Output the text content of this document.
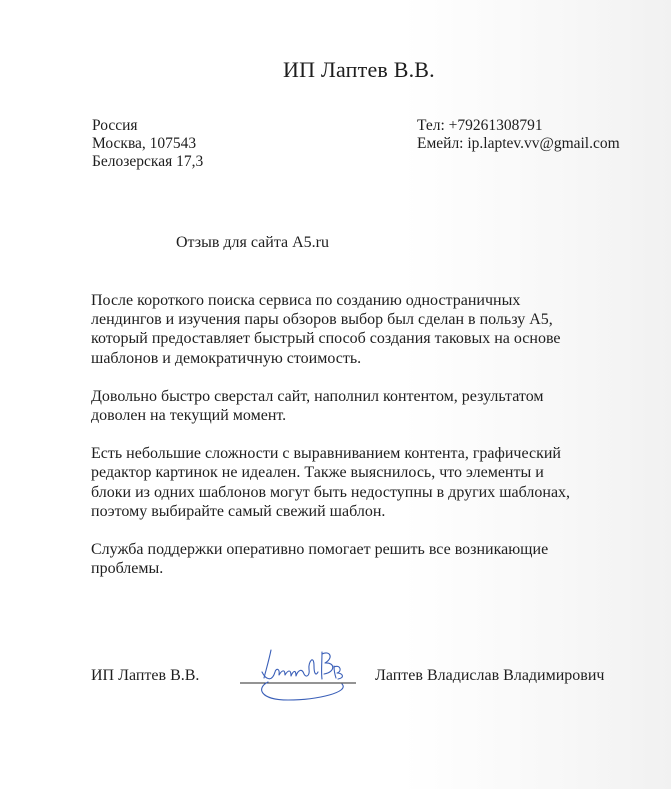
ИП Лаптев В.В.
Россия
Москва, 107543
Белозерская 17,3
Тел: +79261308791
Емейл: ip.laptev.vv@gmail.com
Отзыв для сайта A5.ru

После короткого поиска сервиса по созданию одностраничных
лендингов и изучения пары обзоров выбор был сделан в пользу A5,
который предоставляет быстрый способ создания таковых на основе
шаблонов и демократичную стоимость.

Довольно быстро сверстал сайт, наполнил контентом, результатом
доволен на текущий момент.

Есть небольшие сложности с выравниванием контента, графический
редактор картинок не идеален. Также выяснилось, что элементы и
блоки из одних шаблонов могут быть недоступны в других шаблонах,
поэтому выбирайте самый свежий шаблон.

Служба поддержки оперативно помогает решить все возникающие
проблемы.

ИП Лаптев В.В.	Лаптев Владислав Владимирович
